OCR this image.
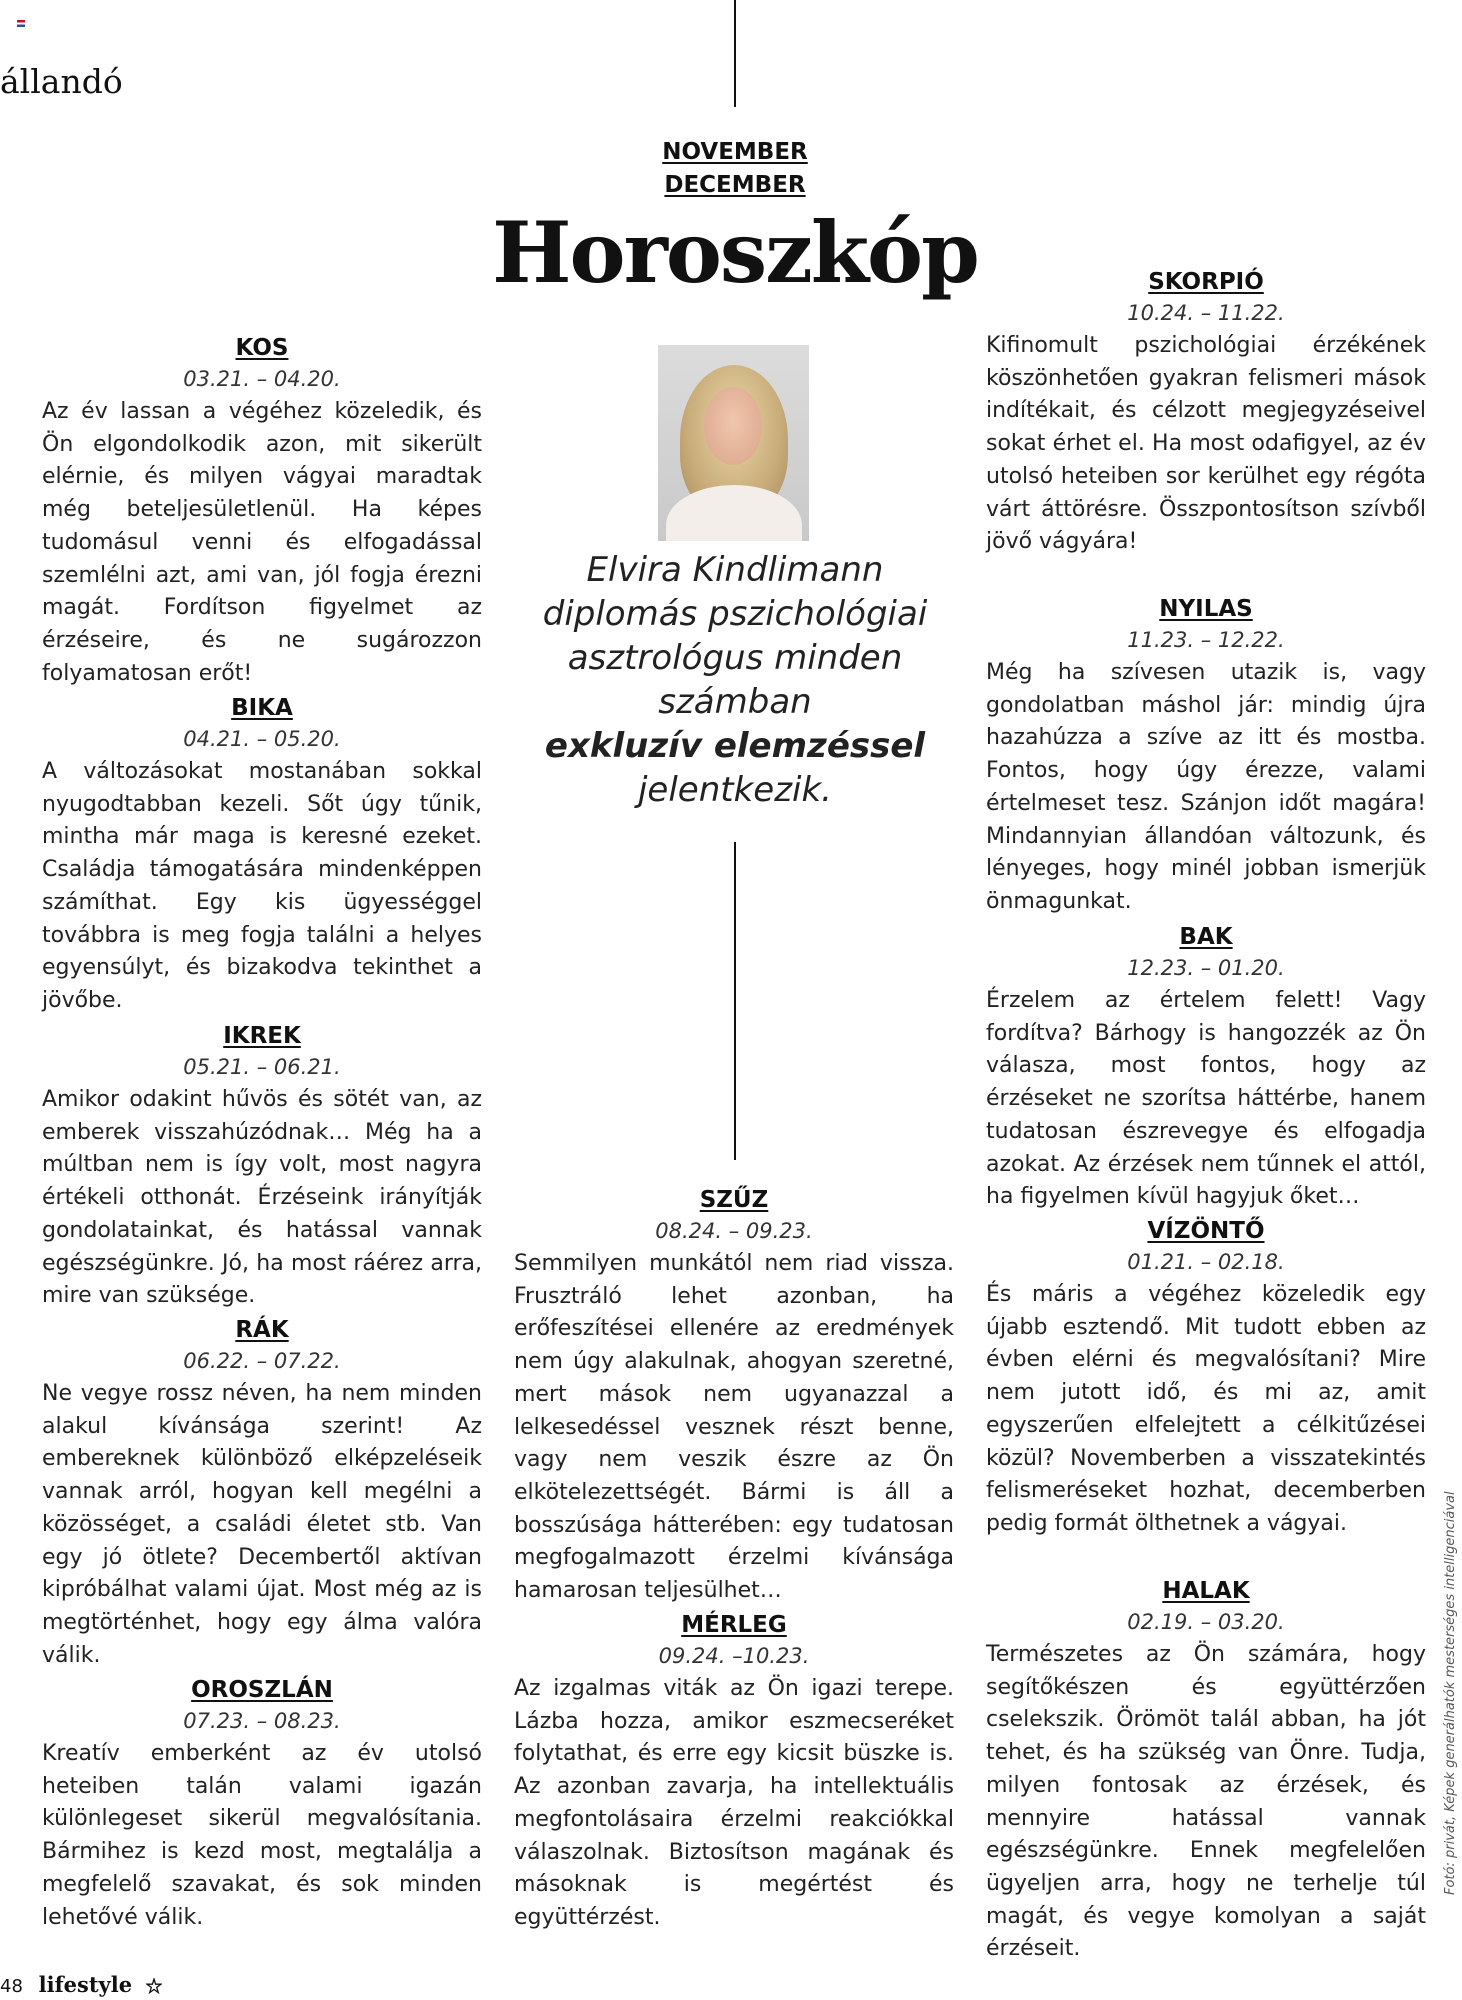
állandó
NOVEMBER
DECEMBER
Horoszkóp
Elvira Kindlimann
diplomás pszichológiai
asztrológus minden
számban
exkluzív elemzéssel
jelentkezik.
KOS
03.21. – 04.20.
Az év lassan a végéhez közeledik, és Ön elgondolkodik azon, mit sikerült elérnie, és milyen vágyai maradtak még beteljesületlenül. Ha képes tudomásul venni és elfogadással szemlélni azt, ami van, jól fogja érezni magát. Fordítson figyelmet az érzéseire, és ne sugározzon folyamatosan erőt!
BIKA
04.21. – 05.20.
A változásokat mostanában sokkal nyugodtabban kezeli. Sőt úgy tűnik, mintha már maga is keresné ezeket. Családja támogatására mindenképpen számíthat. Egy kis ügyességgel továbbra is meg fogja találni a helyes egyensúlyt, és bizakodva tekinthet a jövőbe.
IKREK
05.21. – 06.21.
Amikor odakint hűvös és sötét van, az emberek visszahúzódnak… Még ha a múltban nem is így volt, most nagyra értékeli otthonát. Érzéseink irányítják gondolatainkat, és hatással vannak egészségünkre. Jó, ha most ráérez arra, mire van szüksége.
RÁK
06.22. – 07.22.
Ne vegye rossz néven, ha nem minden alakul kívánsága szerint! Az embereknek különböző elképzeléseik vannak arról, hogyan kell megélni a közösséget, a családi életet stb. Van egy jó ötlete? Decembertől aktívan kipróbálhat valami újat. Most még az is megtörténhet, hogy egy álma valóra válik.
OROSZLÁN
07.23. – 08.23.
Kreatív emberként az év utolsó heteiben talán valami igazán különlegeset sikerül megvalósítania. Bármihez is kezd most, megtalálja a megfelelő szavakat, és sok minden lehetővé válik.
SZŰZ
08.24. – 09.23.
Semmilyen munkától nem riad vissza. Frusztráló lehet azonban, ha erőfeszítései ellenére az eredmények nem úgy alakulnak, ahogyan szeretné, mert mások nem ugyanazzal a lelkesedéssel vesznek részt benne, vagy nem veszik észre az Ön elkötelezettségét. Bármi is áll a bosszúsága hátterében: egy tudatosan megfogalmazott érzelmi kívánsága hamarosan teljesülhet…
MÉRLEG
09.24. –10.23.
Az izgalmas viták az Ön igazi terepe. Lázba hozza, amikor eszmecseréket folytathat, és erre egy kicsit büszke is. Az azonban zavarja, ha intellektuális megfontolásaira érzelmi reakciókkal válaszolnak. Biztosítson magának és másoknak is megértést és együttérzést.
SKORPIÓ
10.24. – 11.22.
Kifinomult pszichológiai érzékének köszönhetően gyakran felismeri mások indítékait, és célzott megjegyzéseivel sokat érhet el. Ha most odafigyel, az év utolsó heteiben sor kerülhet egy régóta várt áttörésre. Összpontosítson szívből jövő vágyára!
NYILAS
11.23. – 12.22.
Még ha szívesen utazik is, vagy gondolatban máshol jár: mindig újra hazahúzza a szíve az itt és mostba. Fontos, hogy úgy érezze, valami értelmeset tesz. Szánjon időt magára! Mindannyian állandóan változunk, és lényeges, hogy minél jobban ismerjük önmagunkat.
BAK
12.23. – 01.20.
Érzelem az értelem felett! Vagy fordítva? Bárhogy is hangozzék az Ön válasza, most fontos, hogy az érzéseket ne szorítsa háttérbe, hanem tudatosan észrevegye és elfogadja azokat. Az érzések nem tűnnek el attól, ha figyelmen kívül hagyjuk őket…
VÍZÖNTŐ
01.21. – 02.18.
És máris a végéhez közeledik egy újabb esztendő. Mit tudott ebben az évben elérni és megvalósítani? Mire nem jutott idő, és mi az, amit egyszerűen elfelejtett a célkitűzései közül? Novemberben a visszatekintés felismeréseket hozhat, decemberben pedig formát ölthetnek a vágyai.
HALAK
02.19. – 03.20.
Természetes az Ön számára, hogy segítőkészen és együttérzően cselekszik. Örömöt talál abban, ha jót tehet, és ha szükség van Önre. Tudja, milyen fontosak az érzések, és mennyire hatással vannak egészségünkre. Ennek megfelelően ügyeljen arra, hogy ne terhelje túl magát, és vegye komolyan a saját érzéseit.
Fotó: privát, Képek generálhatók mesterséges intelligenciával
48 lifestyle
